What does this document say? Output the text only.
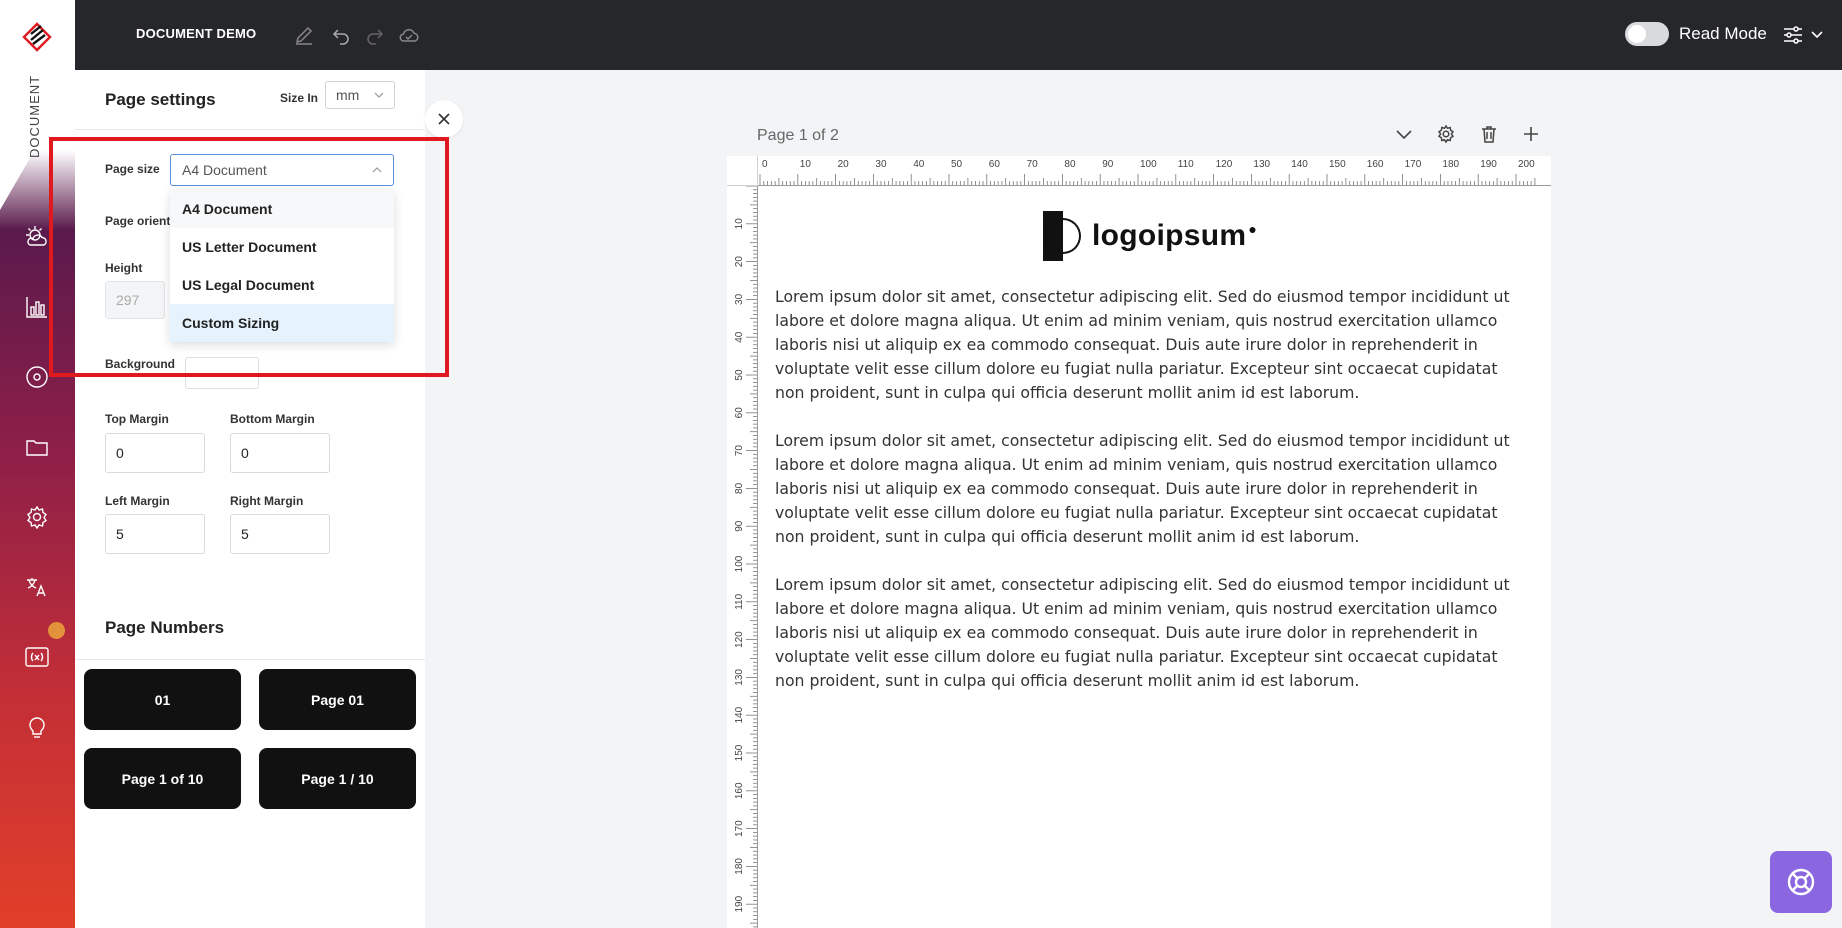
DOCUMENT
DOCUMENT DEMO	Read Mode
Page settings	Size In mm
Page size A4 Document
Page orient
Height
297
Background
A4 Document
US Letter Document
US Legal Document
Custom Sizing
Top Margin
0
Bottom Margin
0
Left Margin
5
Right Margin
5
Page Numbers
01	Page 01
Page 1 of 10	Page 1 / 10
Page 1 of 2
0	10	20	30	40	50	60	70	80	90	100 110 120 130 140 150 160 170 180 190 200
10
20
30
40
50
60
70
80
90
100
110
120
130
140
150
160
170
180
190
logoipsum ●
Lorem ipsum dolor sit amet, consectetur adipiscing elit. Sed do eiusmod tempor incididunt ut labore et dolore magna aliqua. Ut enim ad minim veniam, quis nostrud exercitation ullamco laboris nisi ut aliquip ex ea commodo consequat. Duis aute irure dolor in reprehenderit in voluptate velit esse cillum dolore eu fugiat nulla pariatur. Excepteur sint occaecat cupidatat non proident, sunt in culpa qui officia deserunt mollit anim id est laborum.
Lorem ipsum dolor sit amet, consectetur adipiscing elit. Sed do eiusmod tempor incididunt ut labore et dolore magna aliqua. Ut enim ad minim veniam, quis nostrud exercitation ullamco laboris nisi ut aliquip ex ea commodo consequat. Duis aute irure dolor in reprehenderit in voluptate velit esse cillum dolore eu fugiat nulla pariatur. Excepteur sint occaecat cupidatat non proident, sunt in culpa qui officia deserunt mollit anim id est laborum.
Lorem ipsum dolor sit amet, consectetur adipiscing elit. Sed do eiusmod tempor incididunt ut labore et dolore magna aliqua. Ut enim ad minim veniam, quis nostrud exercitation ullamco laboris nisi ut aliquip ex ea commodo consequat. Duis aute irure dolor in reprehenderit in voluptate velit esse cillum dolore eu fugiat nulla pariatur. Excepteur sint occaecat cupidatat non proident, sunt in culpa qui officia deserunt mollit anim id est laborum.
